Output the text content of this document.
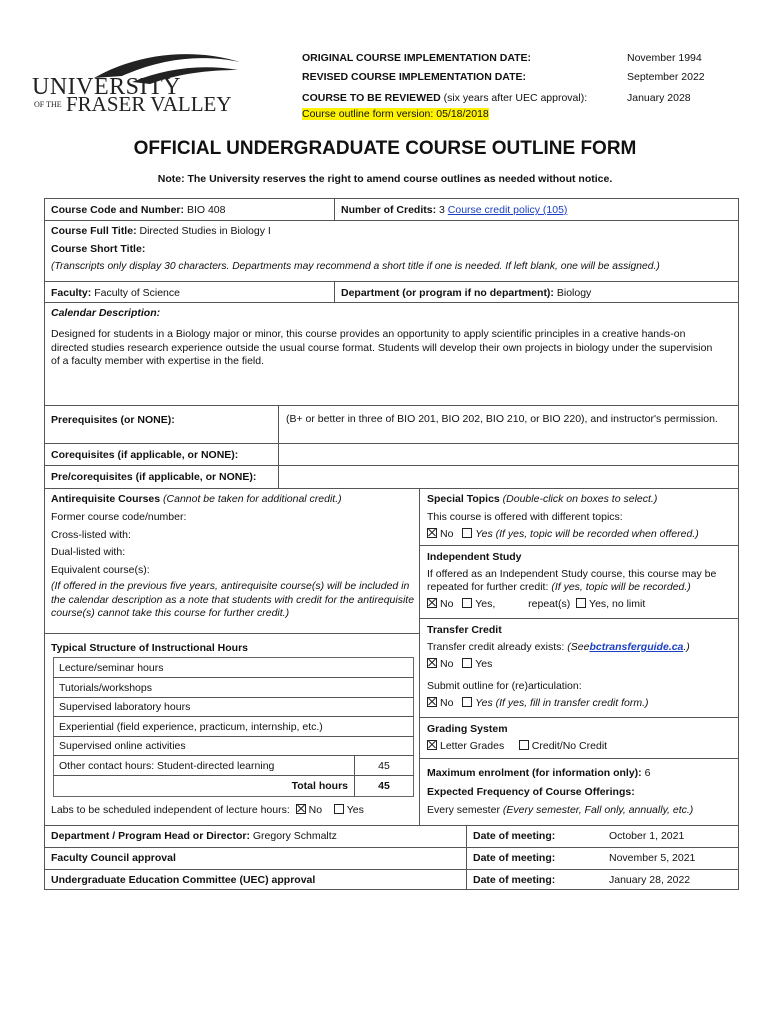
UNIVERSITY
OF THE FRASER VALLEY
ORIGINAL COURSE IMPLEMENTATION DATE:	November 1994
REVISED COURSE IMPLEMENTATION DATE:	September 2022
COURSE TO BE REVIEWED (six years after UEC approval):	January 2028
Course outline form version: 05/18/2018
OFFICIAL UNDERGRADUATE COURSE OUTLINE FORM
Note: The University reserves the right to amend course outlines as needed without notice.
Course Code and Number: BIO 408	Number of Credits: 3 Course credit policy (105)
Course Full Title: Directed Studies in Biology I
Course Short Title:
(Transcripts only display 30 characters. Departments may recommend a short title if one is needed. If left blank, one will be assigned.)
Faculty: Faculty of Science	Department (or program if no department): Biology
Calendar Description:
Designed for students in a Biology major or minor, this course provides an opportunity to apply scientific principles in a creative hands-on directed studies research experience outside the usual course format. Students will develop their own projects in biology under the supervision of a faculty member with expertise in the field.
Prerequisites (or NONE):	(B+ or better in three of BIO 201, BIO 202, BIO 210, or BIO 220), and instructor's permission.
Corequisites (if applicable, or NONE):
Pre/corequisites (if applicable, or NONE):
Antirequisite Courses (Cannot be taken for additional credit.)
Former course code/number:
Cross-listed with:
Dual-listed with:
Equivalent course(s):
(If offered in the previous five years, antirequisite course(s) will be included in the calendar description as a note that students with credit for the antirequisite course(s) cannot take this course for further credit.)
Typical Structure of Instructional Hours
Lecture/seminar hours
Tutorials/workshops
Supervised laboratory hours
Experiential (field experience, practicum, internship, etc.)
Supervised online activities
Other contact hours: Student-directed learning	45
Total hours	45
Labs to be scheduled independent of lecture hours: No Yes
Special Topics (Double-click on boxes to select.)
This course is offered with different topics:
No Yes (If yes, topic will be recorded when offered.)
Independent Study
If offered as an Independent Study course, this course may be repeated for further credit: (If yes, topic will be recorded.)
No Yes,	repeat(s) Yes, no limit
Transfer Credit
Transfer credit already exists: (Seebctransferguide.ca.)
No Yes
Submit outline for (re)articulation:
No Yes (If yes, fill in transfer credit form.)
Grading System
Letter Grades	Credit/No Credit
Maximum enrolment (for information only): 6
Expected Frequency of Course Offerings:
Every semester (Every semester, Fall only, annually, etc.)
Department / Program Head or Director: Gregory Schmaltz	Date of meeting:	October 1, 2021
Faculty Council approval	Date of meeting:	November 5, 2021
Undergraduate Education Committee (UEC) approval	Date of meeting:	January 28, 2022
